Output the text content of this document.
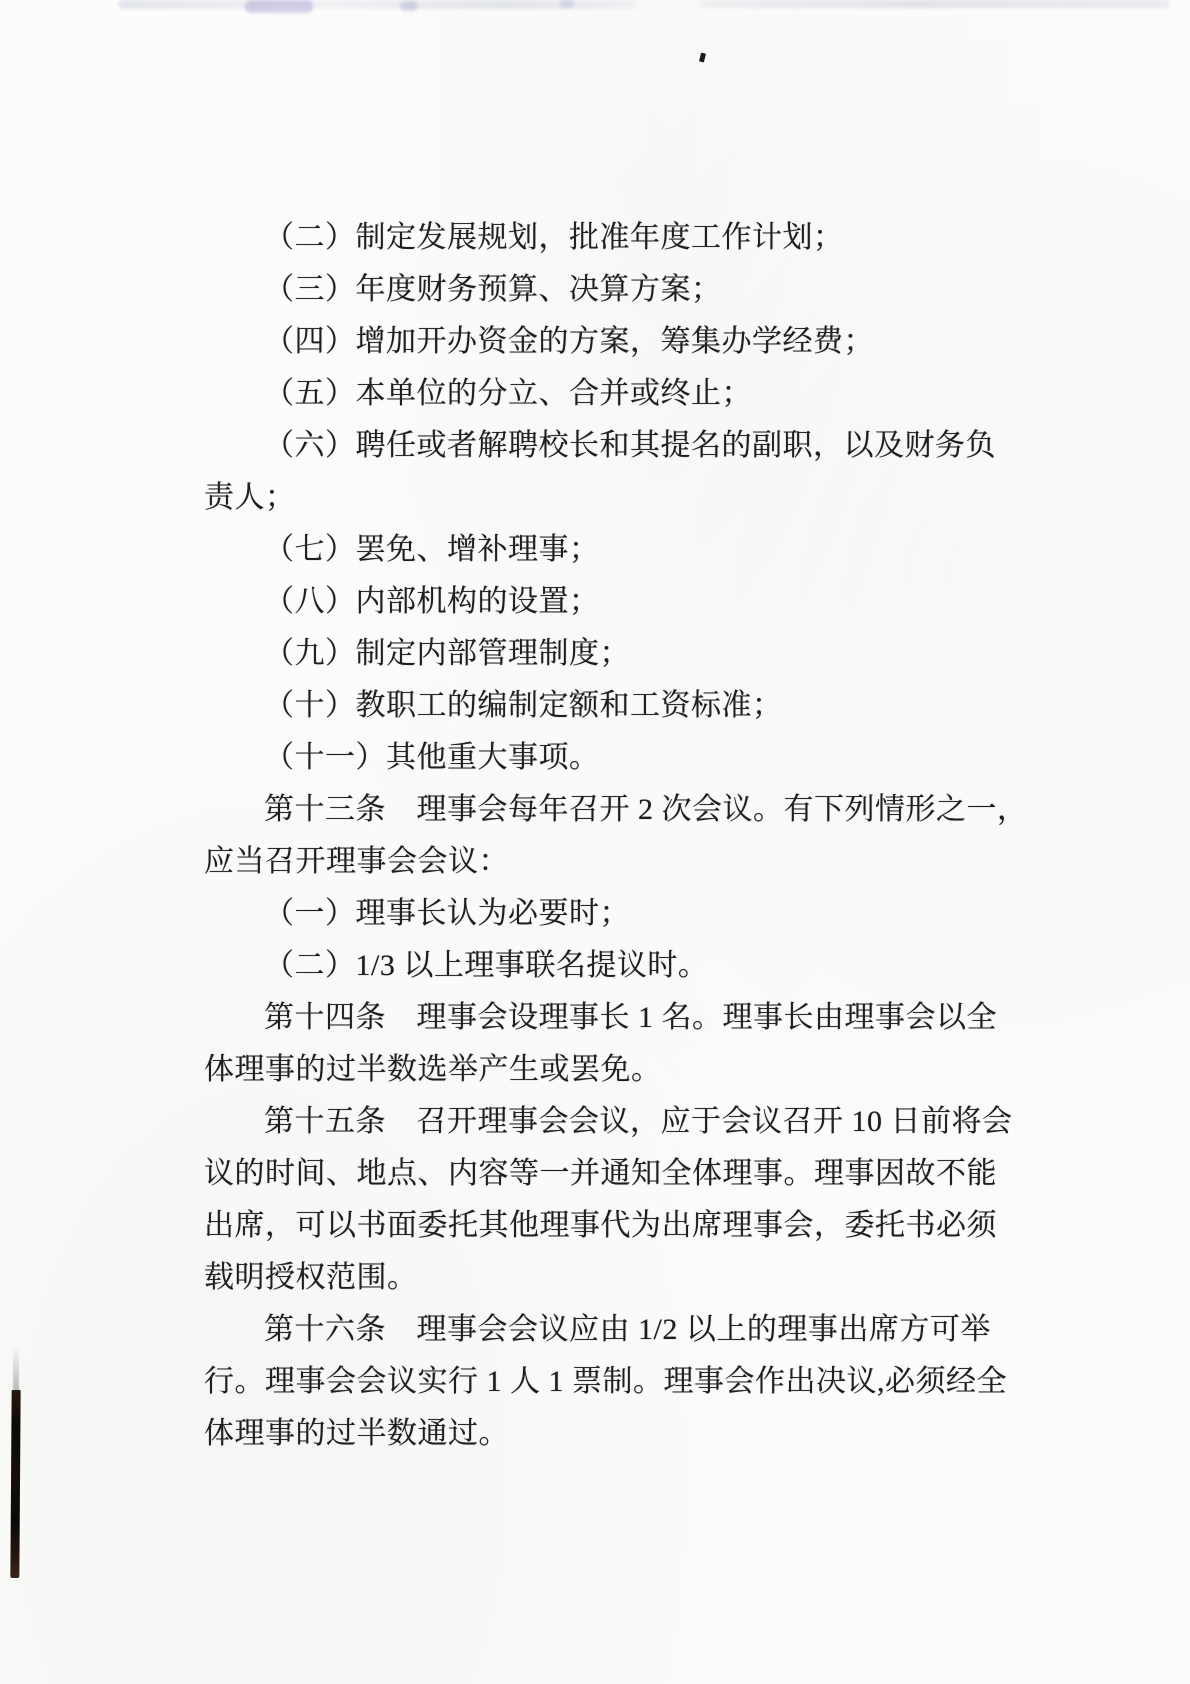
（二）制定发展规划，批准年度工作计划；
（三）年度财务预算、决算方案；
（四）增加开办资金的方案，筹集办学经费；
（五）本单位的分立、合并或终止；
（六）聘任或者解聘校长和其提名的副职，以及财务负
责人；
（七）罢免、增补理事；
（八）内部机构的设置；
（九）制定内部管理制度；
（十）教职工的编制定额和工资标准；
（十一）其他重大事项。
第十三条　理事会每年召开 2 次会议。有下列情形之一，
应当召开理事会会议：
（一）理事长认为必要时；
（二）1/3 以上理事联名提议时。
第十四条　理事会设理事长 1 名。理事长由理事会以全
体理事的过半数选举产生或罢免。
第十五条　召开理事会会议，应于会议召开 10 日前将会
议的时间、地点、内容等一并通知全体理事。理事因故不能
出席，可以书面委托其他理事代为出席理事会，委托书必须
载明授权范围。
第十六条　理事会会议应由 1/2 以上的理事出席方可举
行。理事会会议实行 1 人 1 票制。理事会作出决议,必须经全
体理事的过半数通过。
